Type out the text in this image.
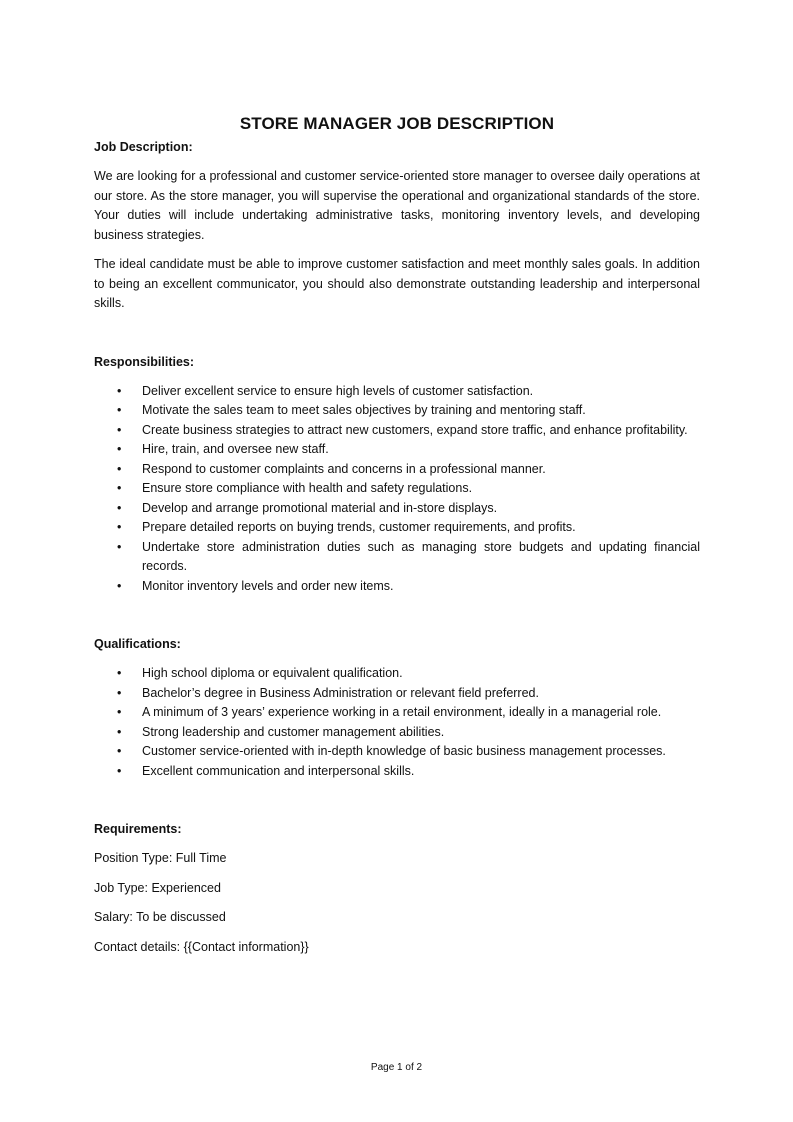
STORE MANAGER JOB DESCRIPTION

Job Description:

We are looking for a professional and customer service-oriented store manager to oversee daily operations at our store. As the store manager, you will supervise the operational and organizational standards of the store. Your duties will include undertaking administrative tasks, monitoring inventory levels, and developing business strategies.

The ideal candidate must be able to improve customer satisfaction and meet monthly sales goals. In addition to being an excellent communicator, you should also demonstrate outstanding leadership and interpersonal skills.

Responsibilities:

• Deliver excellent service to ensure high levels of customer satisfaction.
• Motivate the sales team to meet sales objectives by training and mentoring staff.
• Create business strategies to attract new customers, expand store traffic, and enhance profitability.
• Hire, train, and oversee new staff.
• Respond to customer complaints and concerns in a professional manner.
• Ensure store compliance with health and safety regulations.
• Develop and arrange promotional material and in-store displays.
• Prepare detailed reports on buying trends, customer requirements, and profits.
• Undertake store administration duties such as managing store budgets and updating financial records.
• Monitor inventory levels and order new items.

Qualifications:

• High school diploma or equivalent qualification.
• Bachelor’s degree in Business Administration or relevant field preferred.
• A minimum of 3 years’ experience working in a retail environment, ideally in a managerial role.
• Strong leadership and customer management abilities.
• Customer service-oriented with in-depth knowledge of basic business management processes.
• Excellent communication and interpersonal skills.

Requirements:

Position Type: Full Time

Job Type: Experienced

Salary: To be discussed

Contact details: {{Contact information}}

Page 1 of 2
